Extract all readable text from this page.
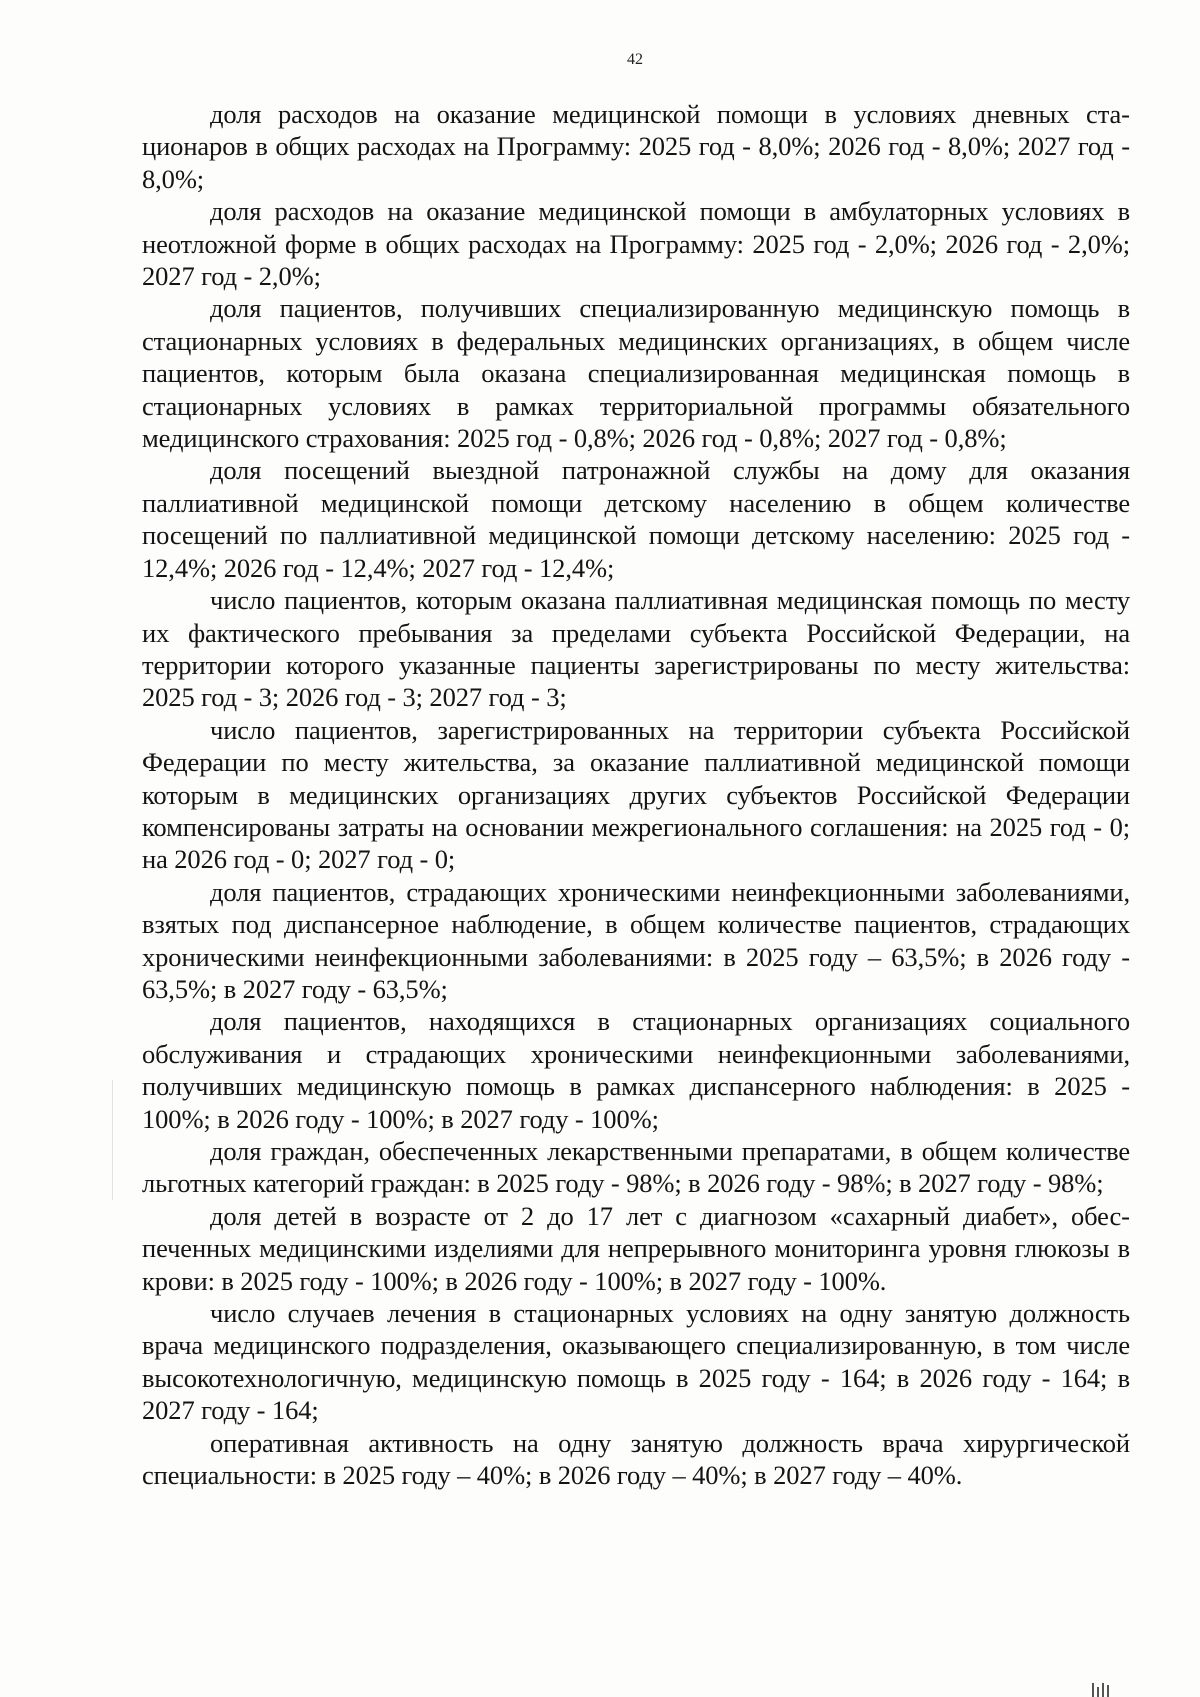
42

доля расходов на оказание медицинской помощи в условиях дневных стационаров в общих расходах на Программу: 2025 год - 8,0%; 2026 год - 8,0%; 2027 год - 8,0%;

доля расходов на оказание медицинской помощи в амбулаторных условиях в неотложной форме в общих расходах на Программу: 2025 год - 2,0%; 2026 год - 2,0%; 2027 год - 2,0%;

доля пациентов, получивших специализированную медицинскую помощь в стационарных условиях в федеральных медицинских организациях, в общем числе пациентов, которым была оказана специализированная медицинская помощь в стационарных условиях в рамках территориальной программы обязательного медицинского страхования: 2025 год - 0,8%; 2026 год - 0,8%; 2027 год - 0,8%;

доля посещений выездной патронажной службы на дому для оказания паллиативной медицинской помощи детскому населению в общем количестве посещений по паллиативной медицинской помощи детскому населению: 2025 год - 12,4%; 2026 год - 12,4%; 2027 год - 12,4%;

число пациентов, которым оказана паллиативная медицинская помощь по месту их фактического пребывания за пределами субъекта Российской Федерации, на территории которого указанные пациенты зарегистрированы по месту жительства: 2025 год - 3; 2026 год - 3; 2027 год - 3;

число пациентов, зарегистрированных на территории субъекта Российской Федерации по месту жительства, за оказание паллиативной медицинской помощи которым в медицинских организациях других субъектов Российской Федерации компенсированы затраты на основании межрегионального соглашения: на 2025 год - 0; на 2026 год - 0; 2027 год - 0;

доля пациентов, страдающих хроническими неинфекционными заболеваниями, взятых под диспансерное наблюдение, в общем количестве пациентов, страдающих хроническими неинфекционными заболеваниями: в 2025 году – 63,5%; в 2026 году - 63,5%; в 2027 году - 63,5%;

доля пациентов, находящихся в стационарных организациях социального обслуживания и страдающих хроническими неинфекционными заболеваниями, получивших медицинскую помощь в рамках диспансерного наблюдения: в 2025 - 100%; в 2026 году - 100%; в 2027 году - 100%;

доля граждан, обеспеченных лекарственными препаратами, в общем количестве льготных категорий граждан: в 2025 году - 98%; в 2026 году - 98%; в 2027 году - 98%;

доля детей в возрасте от 2 до 17 лет с диагнозом «сахарный диабет», обеспеченных медицинскими изделиями для непрерывного мониторинга уровня глюкозы в крови: в 2025 году - 100%; в 2026 году - 100%; в 2027 году - 100%.

число случаев лечения в стационарных условиях на одну занятую должность врача медицинского подразделения, оказывающего специализированную, в том числе высокотехнологичную, медицинскую помощь в 2025 году - 164; в 2026 году - 164; в 2027 году - 164;

оперативная активность на одну занятую должность врача хирургической специальности: в 2025 году – 40%; в 2026 году – 40%; в 2027 году – 40%.
